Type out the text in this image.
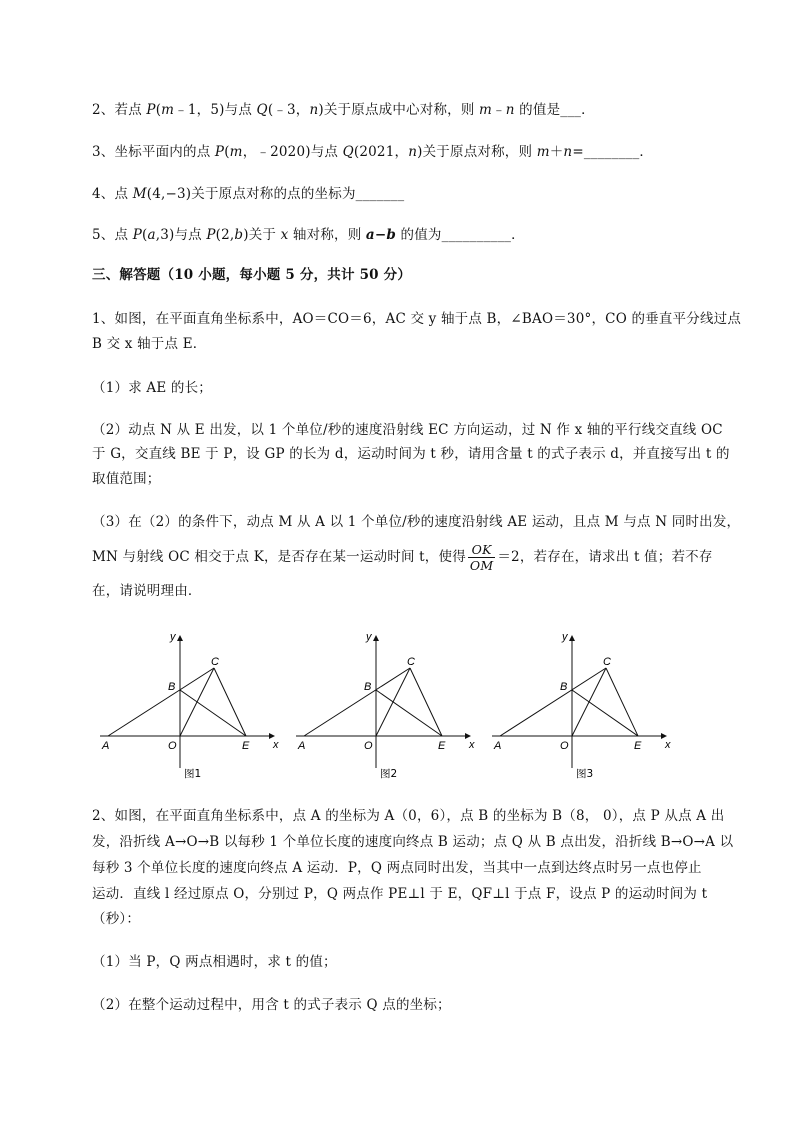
2、若点 P(m﹣1，5)与点 Q(﹣3，n)关于原点成中心对称，则 m﹣n 的值是___．
3、坐标平面内的点 P(m，﹣2020)与点 Q(2021，n)关于原点对称，则 m＋n=________．
4、点 M(4,−3)关于原点对称的点的坐标为_______
5、点 P(a,3)与点 P(2,b)关于 x 轴对称，则 a−b 的值为__________．
三、解答题（10 小题，每小题 5 分，共计 50 分）
1、如图，在平面直角坐标系中，AO＝CO＝6，AC 交 y 轴于点 B，∠BAO＝30°，CO 的垂直平分线过点
B 交 x 轴于点 E．
（1）求 AE 的长；
（2）动点 N 从 E 出发，以 1 个单位/秒的速度沿射线 EC 方向运动，过 N 作 x 轴的平行线交直线 OC
于 G，交直线 BE 于 P，设 GP 的长为 d，运动时间为 t 秒，请用含量 t 的式子表示 d，并直接写出 t 的
取值范围；
（3）在（2）的条件下，动点 M 从 A 以 1 个单位/秒的速度沿射线 AE 运动，且点 M 与点 N 同时出发，
MN 与射线 OC 相交于点 K，是否存在某一运动时间 t，使得 $\frac{OK}{OM} =2$，若存在，请求出 t 值；若不存
在，请说明理由．
y
x
A
B
C
O	E
图1
y
x
A
B
C
O	E
图2
y
x
A
B
C
O	E
图3
2、如图，在平面直角坐标系中，点 A 的坐标为 A（0，6），点 B 的坐标为 B（8， 0），点 P 从点 A 出
发，沿折线 A→O→B 以每秒 1 个单位长度的速度向终点 B 运动；点 Q 从 B 点出发，沿折线 B→O→A 以
每秒 3 个单位长度的速度向终点 A 运动．P，Q 两点同时出发，当其中一点到达终点时另一点也停止
运动．直线 l 经过原点 O，分别过 P，Q 两点作 PE⊥l 于 E，QF⊥l 于点 F，设点 P 的运动时间为 t
（秒）：
（1）当 P，Q 两点相遇时，求 t 的值；
（2）在整个运动过程中，用含 t 的式子表示 Q 点的坐标；
